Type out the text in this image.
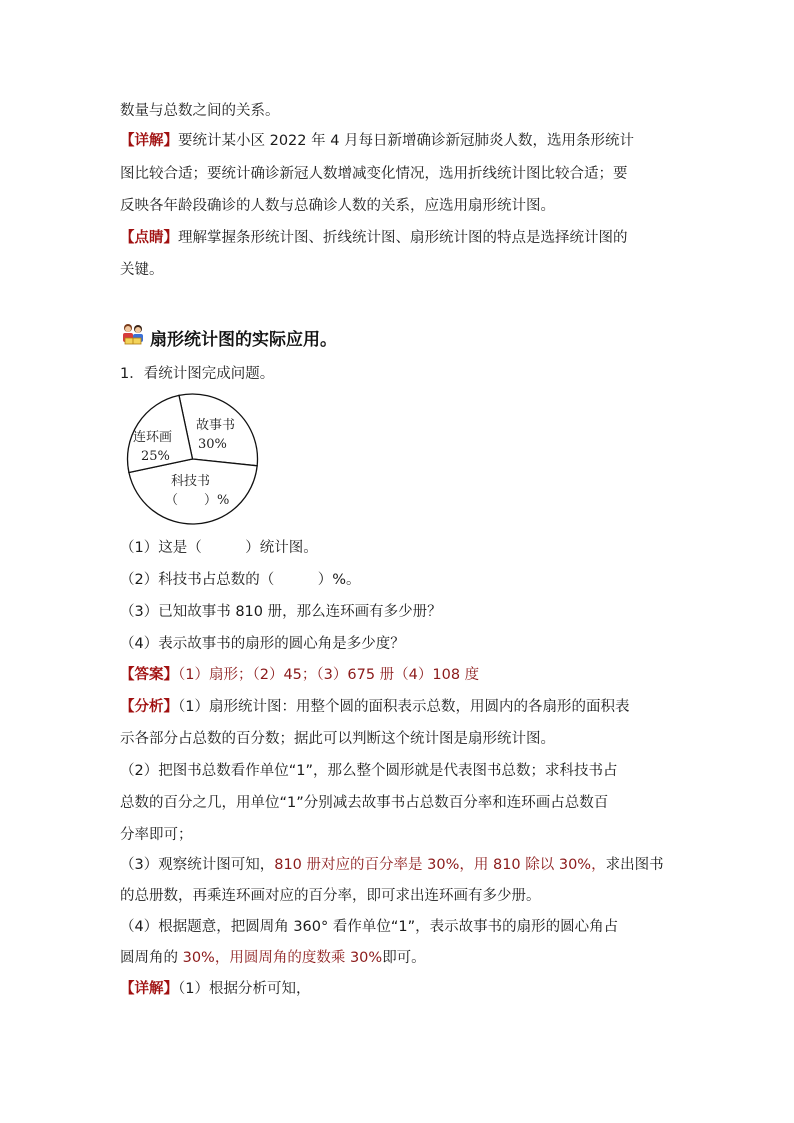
数量与总数之间的关系。
【详解】要统计某小区 2022 年 4 月每日新增确诊新冠肺炎人数，选用条形统计
图比较合适；要统计确诊新冠人数增减变化情况，选用折线统计图比较合适；要
反映各年龄段确诊的人数与总确诊人数的关系，应选用扇形统计图。
【点睛】理解掌握条形统计图、折线统计图、扇形统计图的特点是选择统计图的
关键。
扇形统计图的实际应用。
1．看统计图完成问题。
故事书
30%
连环画
25%
科技书
（　　）%
（1）这是（　　　）统计图。
（2）科技书占总数的（　　　）%。
（3）已知故事书 810 册，那么连环画有多少册？
（4）表示故事书的扇形的圆心角是多少度？
【答案】（1）扇形；（2）45；（3）675 册（4）108 度
【分析】（1）扇形统计图：用整个圆的面积表示总数，用圆内的各扇形的面积表
示各部分占总数的百分数；据此可以判断这个统计图是扇形统计图。
（2）把图书总数看作单位“1”，那么整个圆形就是代表图书总数；求科技书占
总数的百分之几，用单位“1”分别减去故事书占总数百分率和连环画占总数百
分率即可；
（3）观察统计图可知，810 册对应的百分率是 30%，用 810 除以 30%，求出图书
的总册数，再乘连环画对应的百分率，即可求出连环画有多少册。
（4）根据题意，把圆周角 360° 看作单位“1”，表示故事书的扇形的圆心角占
圆周角的 30%，用圆周角的度数乘 30%即可。
【详解】（1）根据分析可知，
